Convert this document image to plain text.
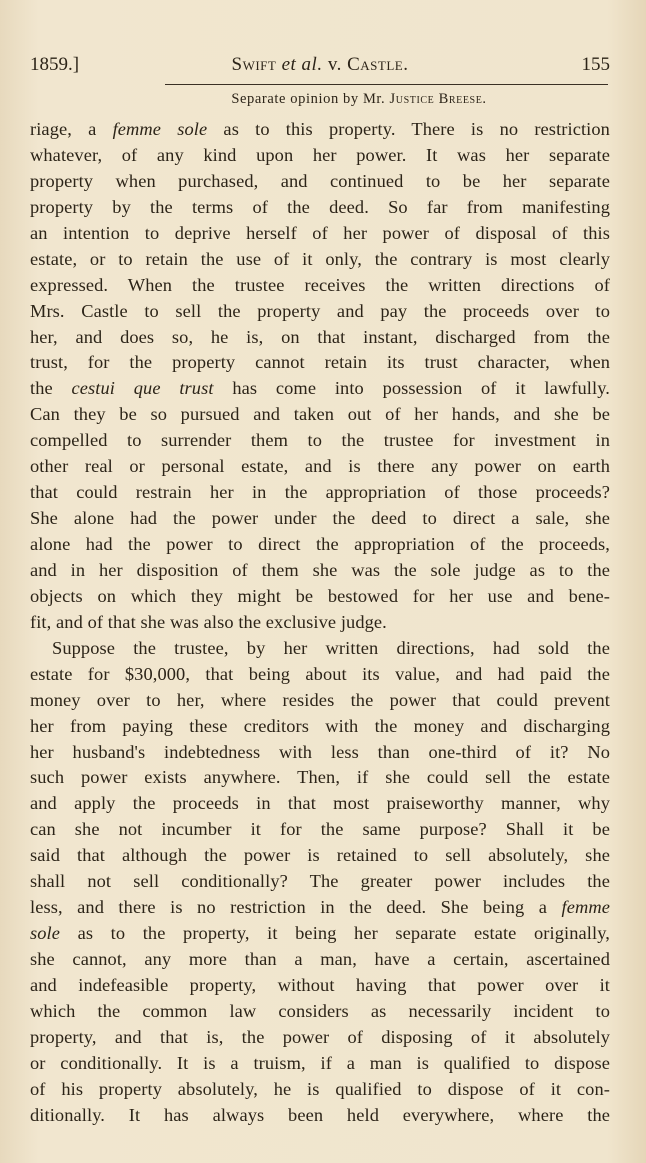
1859.]	Swift et al. v. Castle.	155
Separate opinion by Mr. Justice Breese.
riage, a femme sole as to this property. There is no restriction
whatever, of any kind upon her power. It was her separate
property when purchased, and continued to be her separate
property by the terms of the deed. So far from manifesting
an intention to deprive herself of her power of disposal of this
estate, or to retain the use of it only, the contrary is most clearly
expressed. When the trustee receives the written directions of
Mrs. Castle to sell the property and pay the proceeds over to
her, and does so, he is, on that instant, discharged from the
trust, for the property cannot retain its trust character, when
the cestui que trust has come into possession of it lawfully.
Can they be so pursued and taken out of her hands, and she be
compelled to surrender them to the trustee for investment in
other real or personal estate, and is there any power on earth
that could restrain her in the appropriation of those proceeds?
She alone had the power under the deed to direct a sale, she
alone had the power to direct the appropriation of the proceeds,
and in her disposition of them she was the sole judge as to the
objects on which they might be bestowed for her use and bene-
fit, and of that she was also the exclusive judge.
Suppose the trustee, by her written directions, had sold the
estate for $30,000, that being about its value, and had paid the
money over to her, where resides the power that could prevent
her from paying these creditors with the money and discharging
her husband's indebtedness with less than one-third of it? No
such power exists anywhere. Then, if she could sell the estate
and apply the proceeds in that most praiseworthy manner, why
can she not incumber it for the same purpose? Shall it be
said that although the power is retained to sell absolutely, she
shall not sell conditionally? The greater power includes the
less, and there is no restriction in the deed. She being a femme
sole as to the property, it being her separate estate originally,
she cannot, any more than a man, have a certain, ascertained
and indefeasible property, without having that power over it
which the common law considers as necessarily incident to
property, and that is, the power of disposing of it absolutely
or conditionally. It is a truism, if a man is qualified to dispose
of his property absolutely, he is qualified to dispose of it con-
ditionally. It has always been held everywhere, where the
